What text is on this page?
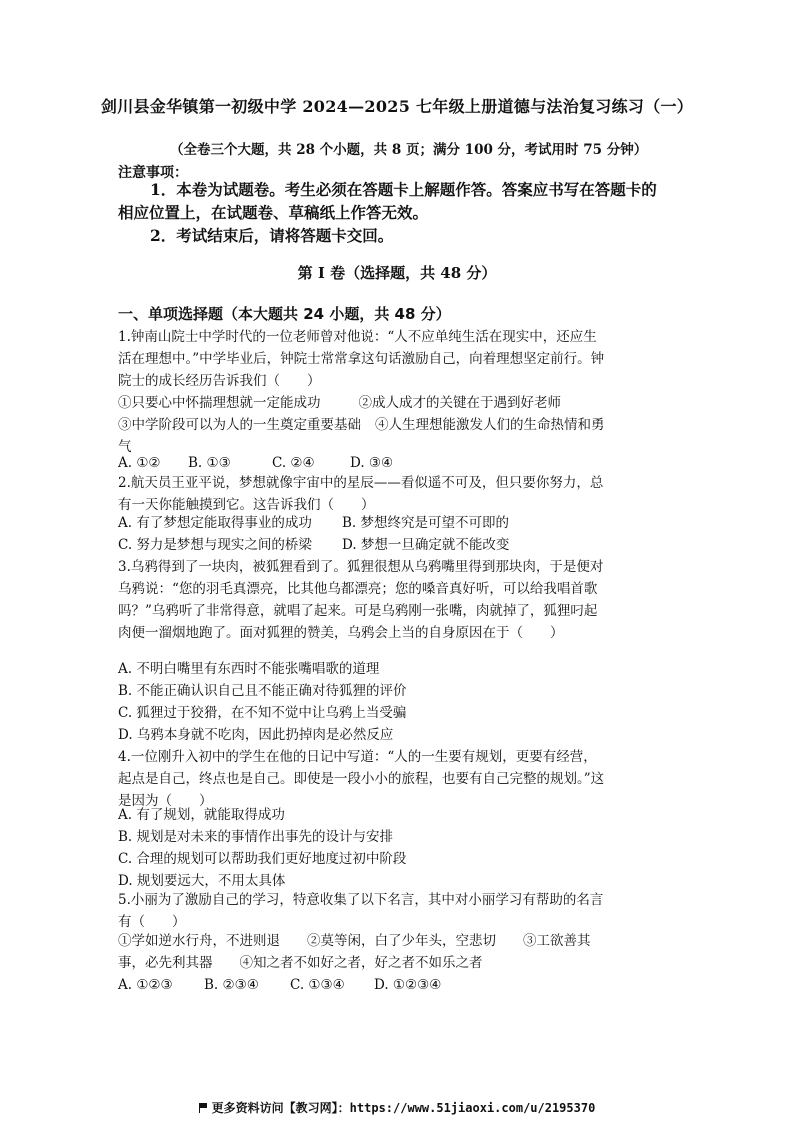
剑川县金华镇第一初级中学 2024—2025 七年级上册道德与法治复习练习（一）
（全卷三个大题，共 28 个小题，共 8 页；满分 100 分，考试用时 75 分钟）
注意事项：
1．本卷为试题卷。考生必须在答题卡上解题作答。答案应书写在答题卡的
相应位置上，在试题卷、草稿纸上作答无效。
2．考试结束后，请将答题卡交回。
第 I 卷（选择题，共 48 分）
一、单项选择题（本大题共 24 小题，共 48 分）
1.钟南山院士中学时代的一位老师曾对他说：“人不应单纯生活在现实中，还应生活在理想中。”中学毕业后，钟院士常常拿这句话激励自己，向着理想坚定前行。钟院士的成长经历告诉我们（　　）
①只要心中怀揣理想就一定能成功	②成人成才的关键在于遇到好老师
③中学阶段可以为人的一生奠定重要基础 ④人生理想能激发人们的生命热情和勇气
A. ①② B. ①③	C. ②④	D. ③④
2.航天员王亚平说，梦想就像宇宙中的星辰——看似遥不可及，但只要你努力，总有一天你能触摸到它。这告诉我们（　　）
A. 有了梦想定能取得事业的成功 B. 梦想终究是可望不可即的
C. 努力是梦想与现实之间的桥梁 D. 梦想一旦确定就不能改变
3.乌鸦得到了一块肉，被狐狸看到了。狐狸很想从乌鸦嘴里得到那块肉，于是便对乌鸦说：“您的羽毛真漂亮，比其他乌都漂亮；您的嗓音真好听，可以给我唱首歌吗？”乌鸦听了非常得意，就唱了起来。可是乌鸦刚一张嘴，肉就掉了，狐狸叼起肉便一溜烟地跑了。面对狐狸的赞美，乌鸦会上当的自身原因在于（　　）
A. 不明白嘴里有东西时不能张嘴唱歌的道理
B. 不能正确认识自己且不能正确对待狐狸的评价
C. 狐狸过于狡猾，在不知不觉中让乌鸦上当受骗
D. 乌鸦本身就不吃肉，因此扔掉肉是必然反应
4.一位刚升入初中的学生在他的日记中写道：“人的一生要有规划，更要有经营，起点是自己，终点也是自己。即使是一段小小的旅程，也要有自己完整的规划。”这是因为（　　）
A. 有了规划，就能取得成功
B. 规划是对未来的事情作出事先的设计与安排
C. 合理的规划可以帮助我们更好地度过初中阶段
D. 规划要远大，不用太具体
5.小丽为了激励自己的学习，特意收集了以下名言，其中对小丽学习有帮助的名言有（　　）
①学如逆水行舟，不进则退　　②莫等闲，白了少年头，空悲切　　③工欲善其
事，必先利其器　　④知之者不如好之者，好之者不如乐之者
A. ①②③ B. ②③④ C. ①③④ D. ①②③④
更多资料访问【教习网】：https://www.51jiaoxi.com/u/2195370
